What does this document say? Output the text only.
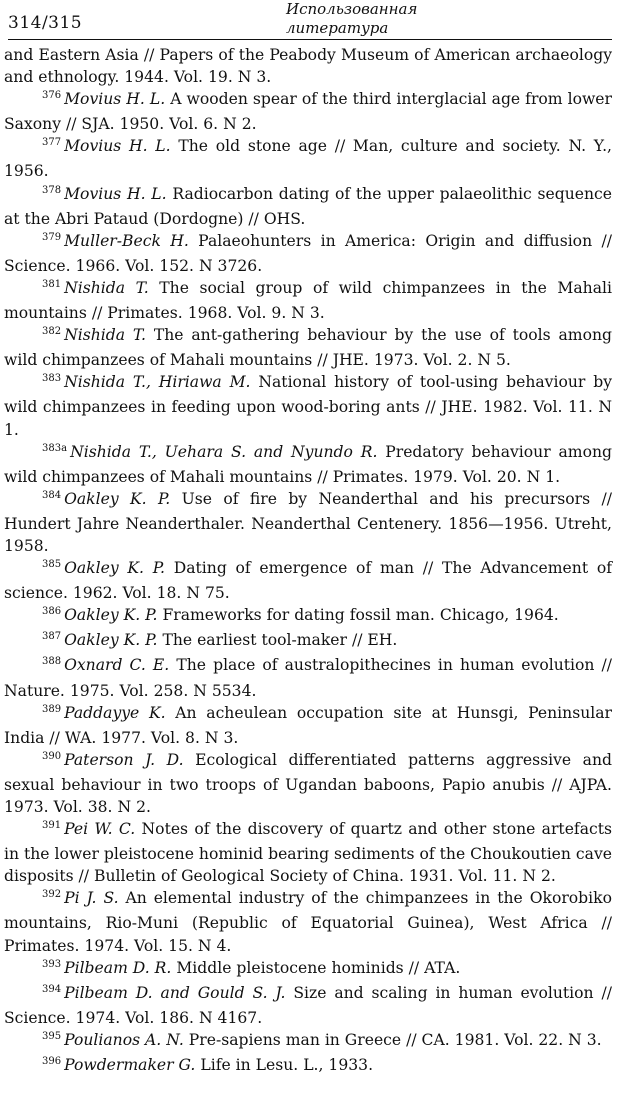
314/315
Использованная
литература

and Eastern Asia // Papers of the Peabody Museum of American archaeology and ethnology. 1944. Vol. 19. N 3.

$^{376}$ Movius H. L. A wooden spear of the third interglacial age from lower Saxony // SJA. 1950. Vol. 6. N 2.

$^{377}$ Movius H. L. The old stone age // Man, culture and society. N. Y., 1956.

$^{378}$ Movius H. L. Radiocarbon dating of the upper palaeolithic sequence at the Abri Pataud (Dordogne) // OHS.

$^{379}$ Muller-Beck H. Palaeohunters in America: Origin and diffusion // Science. 1966. Vol. 152. N 3726.

$^{381}$ Nishida T. The social group of wild chimpanzees in the Mahali mountains // Primates. 1968. Vol. 9. N 3.

$^{382}$ Nishida T. The ant-gathering behaviour by the use of tools among wild chimpanzees of Mahali mountains // JHE. 1973. Vol. 2. N 5.

$^{383}$ Nishida T., Hiriawa M. National history of tool-using behaviour by wild chimpanzees in feeding upon wood-boring ants // JHE. 1982. Vol. 11. N 1.

$^{383a}$ Nishida T., Uehara S. and Nyundo R. Predatory behaviour among wild chimpanzees of Mahali mountains // Primates. 1979. Vol. 20. N 1.

$^{384}$ Oakley K. P. Use of fire by Neanderthal and his precursors // Hundert Jahre Neanderthaler. Neanderthal Centenery. 1856—1956. Utreht, 1958.

$^{385}$ Oakley K. P. Dating of emergence of man // The Advancement of science. 1962. Vol. 18. N 75.

$^{386}$ Oakley K. P. Frameworks for dating fossil man. Chicago, 1964.

$^{387}$ Oakley K. P. The earliest tool-maker // EH.

$^{388}$ Oxnard C. E. The place of australopithecines in human evolution // Nature. 1975. Vol. 258. N 5534.

$^{389}$ Paddayye K. An acheulean occupation site at Hunsgi, Peninsular India // WA. 1977. Vol. 8. N 3.

$^{390}$ Paterson J. D. Ecological differentiated patterns aggressive and sexual behaviour in two troops of Ugandan baboons, Papio anubis // AJPA. 1973. Vol. 38. N 2.

$^{391}$ Pei W. C. Notes of the discovery of quartz and other stone artefacts in the lower pleistocene hominid bearing sediments of the Choukoutien cave disposits // Bulletin of Geological Society of China. 1931. Vol. 11. N 2.

$^{392}$ Pi J. S. An elemental industry of the chimpanzees in the Okorobiko mountains, Rio-Muni (Republic of Equatorial Guinea), West Africa // Primates. 1974. Vol. 15. N 4.

$^{393}$ Pilbeam D. R. Middle pleistocene hominids // ATA.

$^{394}$ Pilbeam D. and Gould S. J. Size and scaling in human evolution // Science. 1974. Vol. 186. N 4167.

$^{395}$ Poulianos A. N. Pre-sapiens man in Greece // CA. 1981. Vol. 22. N 3.

$^{396}$ Powdermaker G. Life in Lesu. L., 1933.
